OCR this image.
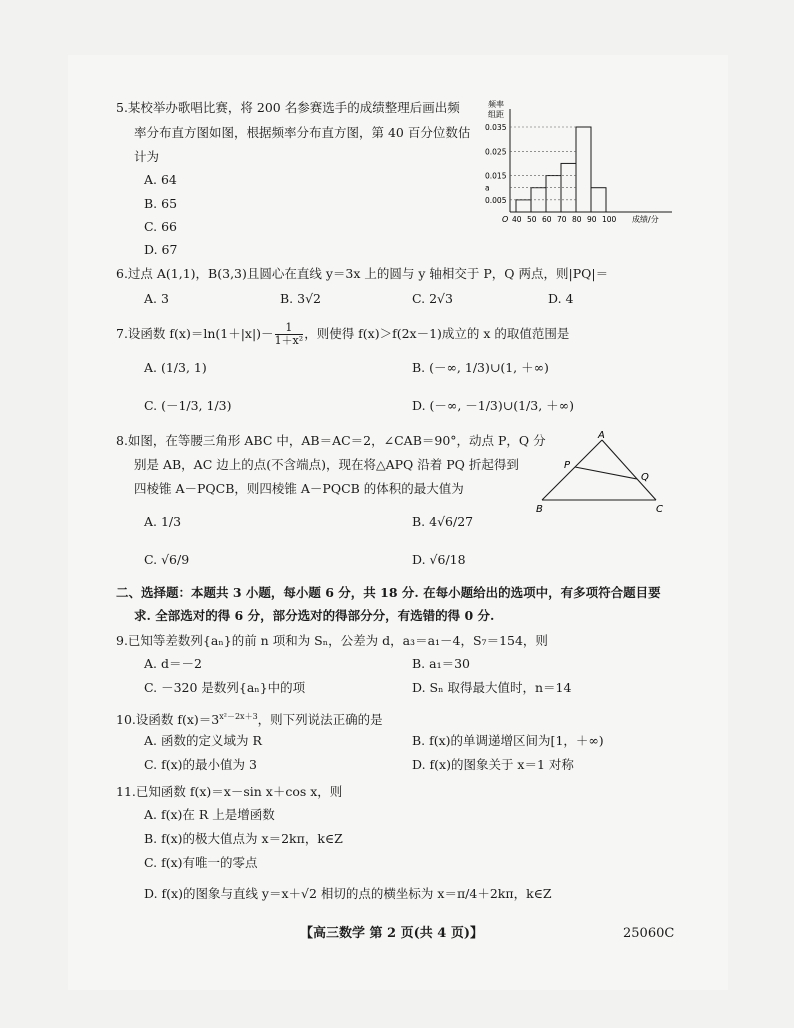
5.某校举办歌唱比赛，将 200 名参赛选手的成绩整理后画出频
率分布直方图如图，根据频率分布直方图，第 40 百分位数估
计为
A. 64
B. 65
C. 66
D. 67
频率
组距
0.035
0.025
0.015
a
0.005
40 50 60 70 80 90 100
O	成绩/分
6.过点 A(1,1)，B(3,3)且圆心在直线 y＝3x 上的圆与 y 轴相交于 P，Q 两点，则|PQ|＝
A. 3	B. 3√2	C. 2√3	D. 4
7.设函数 $f(x)=\ln(1+|x|)- \frac{1}{\text{1＋x²}}$ ，则使得 f(x)＞f(2x－1)成立的 x 的取值范围是
A. (1/3, 1)	B. (－∞, 1/3)∪(1, ＋∞)
C. (－1/3, 1/3)	D. (－∞, －1/3)∪(1/3, ＋∞)
8.如图，在等腰三角形 ABC 中，AB＝AC＝2，∠CAB＝90°，动点 P，Q 分
别是 AB，AC 边上的点(不含端点)，现在将△APQ 沿着 PQ 折起得到
四棱锥 A－PQCB，则四棱锥 A－PQCB 的体积的最大值为
A. 1/3	B. 4√6/27
C. √6/9	D. √6/18
A
P
Q
B	C
二、选择题：本题共 3 小题，每小题 6 分，共 18 分. 在每小题给出的选项中，有多项符合题目要
求. 全部选对的得 6 分，部分选对的得部分分，有选错的得 0 分.
9.已知等差数列{aₙ}的前 n 项和为 Sₙ，公差为 d，a₃＝a₁－4，S₇＝154，则
A. d＝－2	B. a₁＝30
C. －320 是数列{aₙ}中的项	D. Sₙ 取得最大值时，n＝14
10.设函数 $f(x)=3^{x^2-2x+3}$，则下列说法正确的是
A. 函数的定义域为 R	B. f(x)的单调递增区间为[1，＋∞)
C. f(x)的最小值为 3	D. f(x)的图象关于 x＝1 对称
11.已知函数 f(x)＝x－sin x＋cos x，则
A. f(x)在 R 上是增函数
B. f(x)的极大值点为 x＝2kπ，k∈Z
C. f(x)有唯一的零点
D. f(x)的图象与直线 y＝x＋√2 相切的点的横坐标为 x＝π/4＋2kπ，k∈Z
【高三数学 第 2 页(共 4 页)】	25060C
